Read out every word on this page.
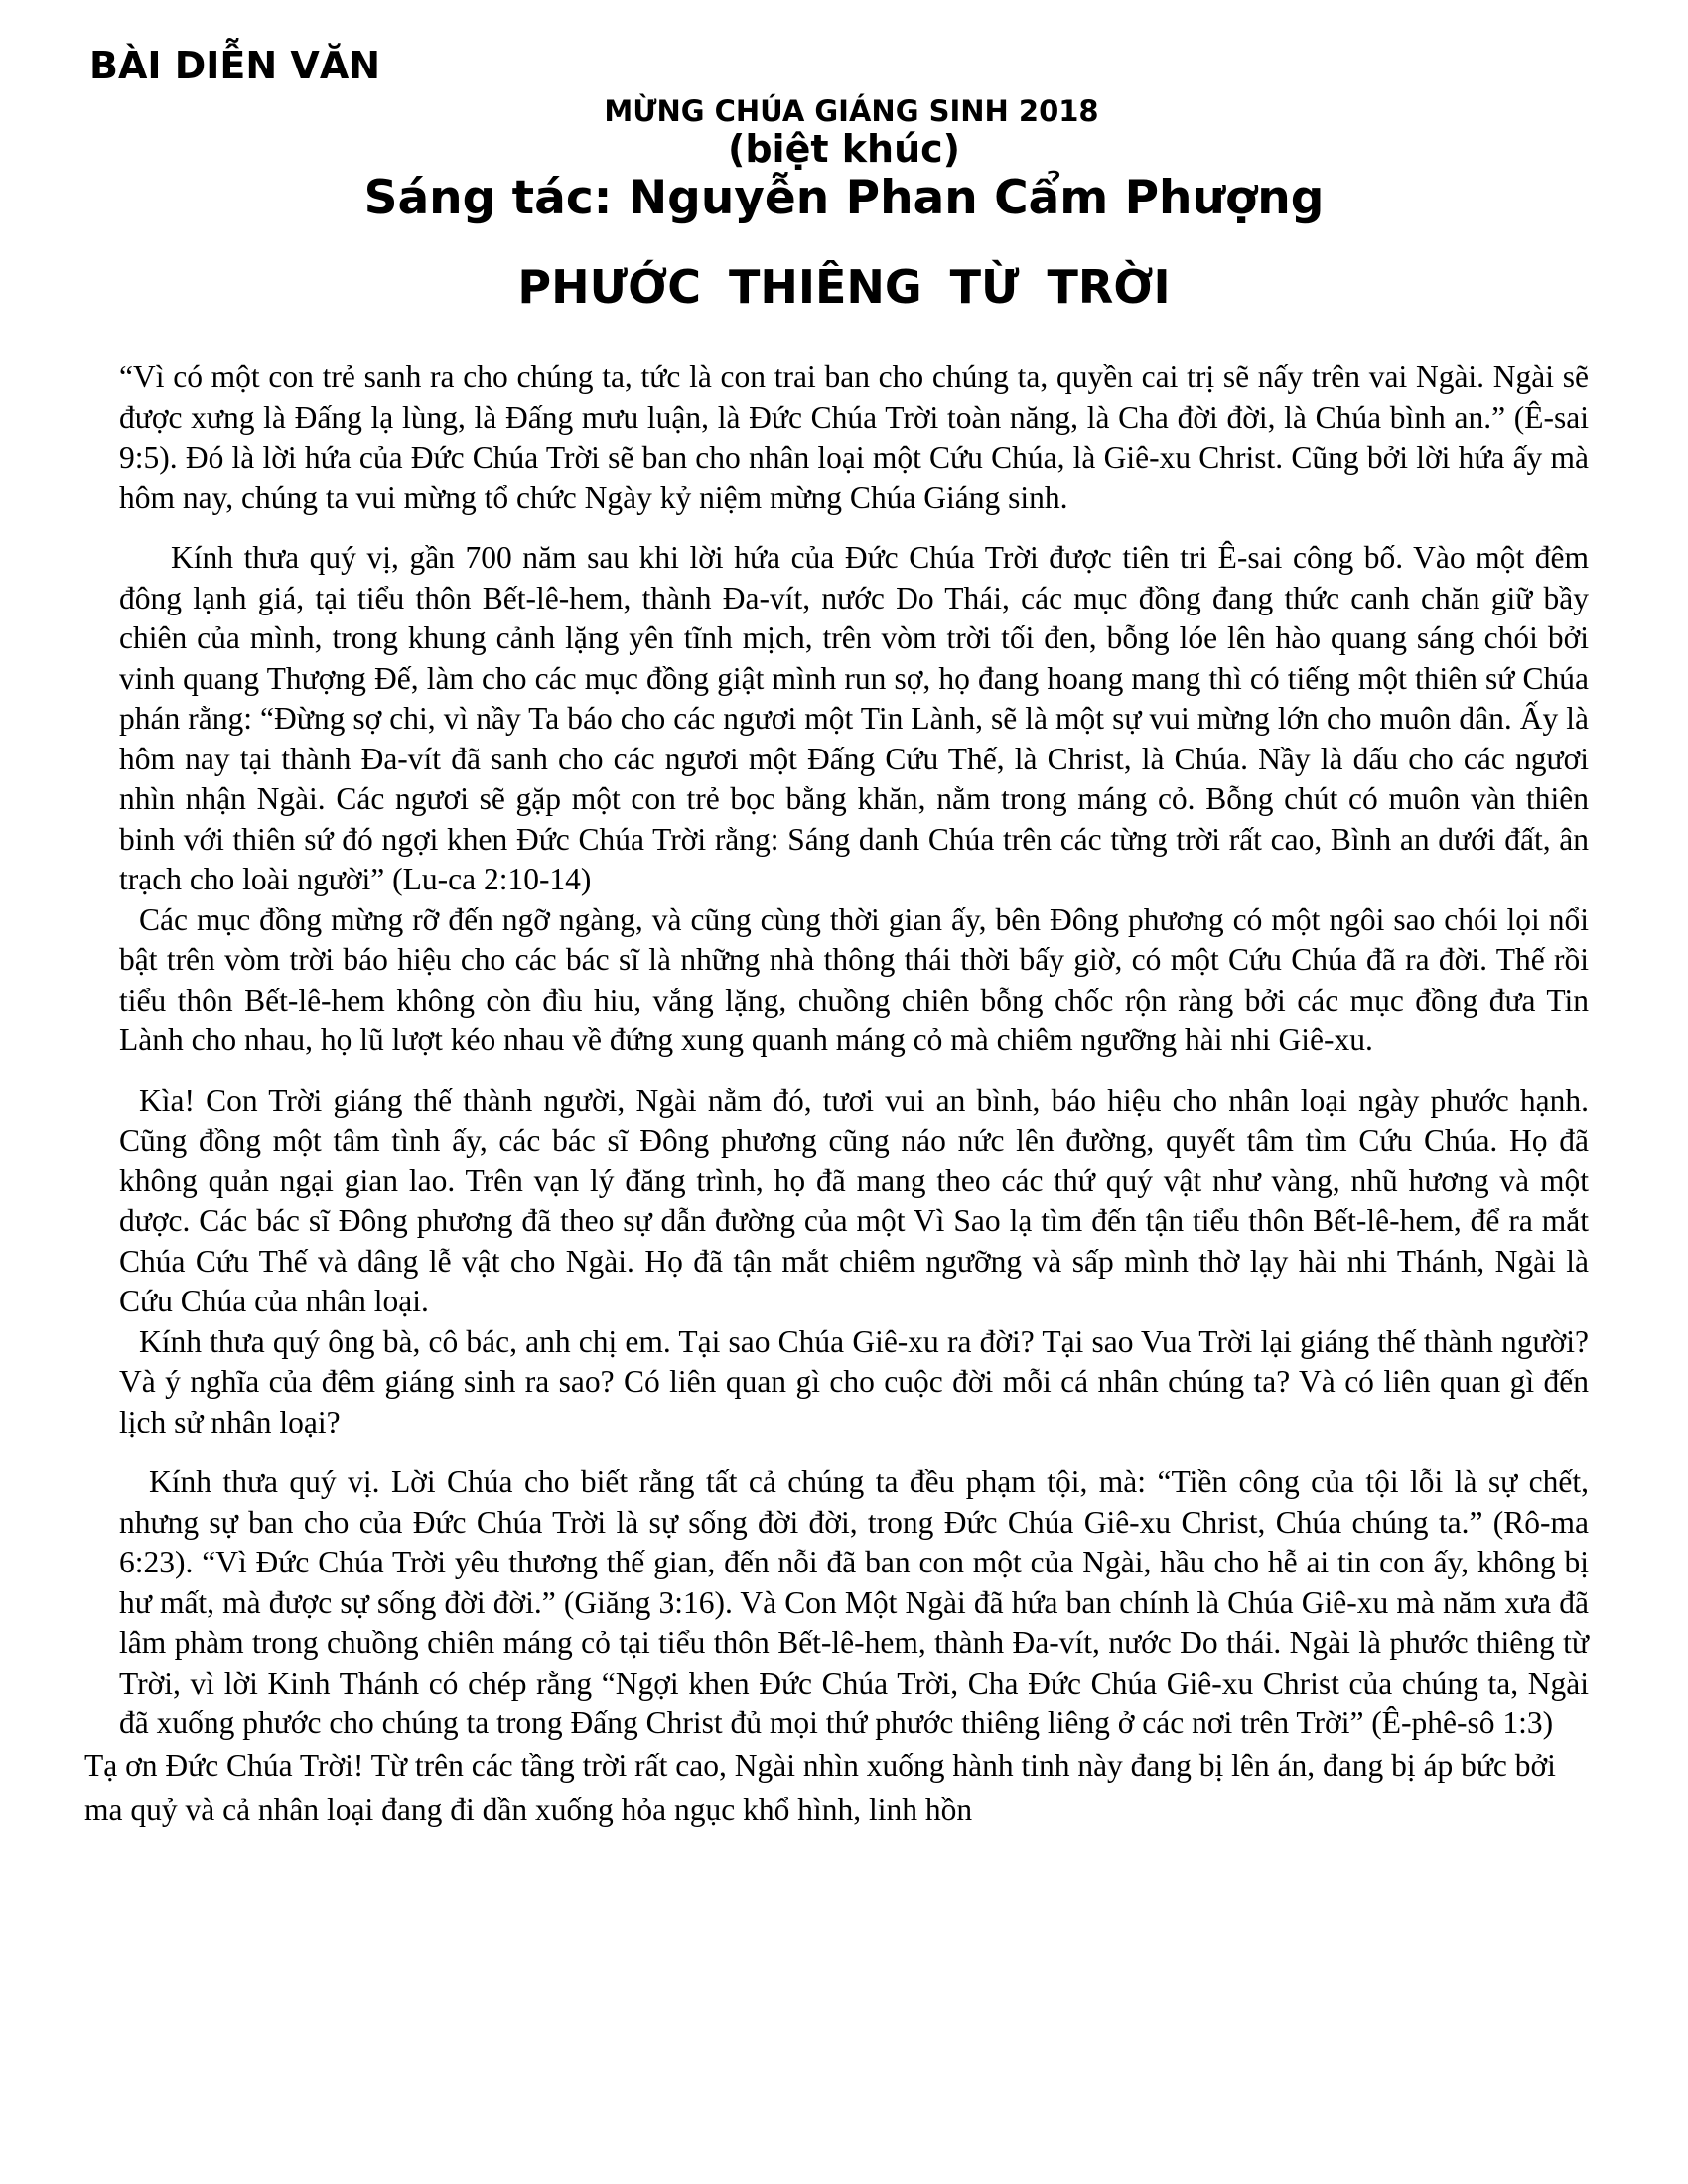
BÀI DIỄN VĂN
MỪNG CHÚA GIÁNG SINH 2018
(biệt khúc)
Sáng tác: Nguyễn Phan Cẩm Phượng
PHƯỚC THIÊNG TỪ TRỜI

“Vì có một con trẻ sanh ra cho chúng ta, tức là con trai ban cho chúng ta, quyền cai trị sẽ nấy trên vai Ngài. Ngài sẽ được xưng là Đấng lạ lùng, là Đấng mưu luận, là Đức Chúa Trời toàn năng, là Cha đời đời, là Chúa bình an.” (Ê-sai 9:5). Đó là lời hứa của Đức Chúa Trời sẽ ban cho nhân loại một Cứu Chúa, là Giê-xu Christ. Cũng bởi lời hứa ấy mà hôm nay, chúng ta vui mừng tổ chức Ngày kỷ niệm mừng Chúa Giáng sinh.

Kính thưa quý vị, gần 700 năm sau khi lời hứa của Đức Chúa Trời được tiên tri Ê-sai công bố. Vào một đêm đông lạnh giá, tại tiểu thôn Bết-lê-hem, thành Đa-vít, nước Do Thái, các mục đồng đang thức canh chăn giữ bầy chiên của mình, trong khung cảnh lặng yên tĩnh mịch, trên vòm trời tối đen, bỗng lóe lên hào quang sáng chói bởi vinh quang Thượng Đế, làm cho các mục đồng giật mình run sợ, họ đang hoang mang thì có tiếng một thiên sứ Chúa phán rằng: “Đừng sợ chi, vì nầy Ta báo cho các ngươi một Tin Lành, sẽ là một sự vui mừng lớn cho muôn dân. Ấy là hôm nay tại thành Đa-vít đã sanh cho các ngươi một Đấng Cứu Thế, là Christ, là Chúa. Nầy là dấu cho các ngươi nhìn nhận Ngài. Các ngươi sẽ gặp một con trẻ bọc bằng khăn, nằm trong máng cỏ. Bỗng chút có muôn vàn thiên binh với thiên sứ đó ngợi khen Đức Chúa Trời rằng: Sáng danh Chúa trên các từng trời rất cao, Bình an dưới đất, ân trạch cho loài người” (Lu-ca 2:10-14)

Các mục đồng mừng rỡ đến ngỡ ngàng, và cũng cùng thời gian ấy, bên Đông phương có một ngôi sao chói lọi nổi bật trên vòm trời báo hiệu cho các bác sĩ là những nhà thông thái thời bấy giờ, có một Cứu Chúa đã ra đời. Thế rồi tiểu thôn Bết-lê-hem không còn đìu hiu, vắng lặng, chuồng chiên bỗng chốc rộn ràng bởi các mục đồng đưa Tin Lành cho nhau, họ lũ lượt kéo nhau về đứng xung quanh máng cỏ mà chiêm ngưỡng hài nhi Giê-xu.

Kìa! Con Trời giáng thế thành người, Ngài nằm đó, tươi vui an bình, báo hiệu cho nhân loại ngày phước hạnh. Cũng đồng một tâm tình ấy, các bác sĩ Đông phương cũng náo nức lên đường, quyết tâm tìm Cứu Chúa. Họ đã không quản ngại gian lao. Trên vạn lý đăng trình, họ đã mang theo các thứ quý vật như vàng, nhũ hương và một dược. Các bác sĩ Đông phương đã theo sự dẫn đường của một Vì Sao lạ tìm đến tận tiểu thôn Bết-lê-hem, để ra mắt Chúa Cứu Thế và dâng lễ vật cho Ngài. Họ đã tận mắt chiêm ngưỡng và sấp mình thờ lạy hài nhi Thánh, Ngài là Cứu Chúa của nhân loại.

Kính thưa quý ông bà, cô bác, anh chị em. Tại sao Chúa Giê-xu ra đời? Tại sao Vua Trời lại giáng thế thành người? Và ý nghĩa của đêm giáng sinh ra sao? Có liên quan gì cho cuộc đời mỗi cá nhân chúng ta? Và có liên quan gì đến lịch sử nhân loại?

Kính thưa quý vị. Lời Chúa cho biết rằng tất cả chúng ta đều phạm tội, mà: “Tiền công của tội lỗi là sự chết, nhưng sự ban cho của Đức Chúa Trời là sự sống đời đời, trong Đức Chúa Giê-xu Christ, Chúa chúng ta.” (Rô-ma 6:23). “Vì Đức Chúa Trời yêu thương thế gian, đến nỗi đã ban con một của Ngài, hầu cho hễ ai tin con ấy, không bị hư mất, mà được sự sống đời đời.” (Giăng 3:16). Và Con Một Ngài đã hứa ban chính là Chúa Giê-xu mà năm xưa đã lâm phàm trong chuồng chiên máng cỏ tại tiểu thôn Bết-lê-hem, thành Đa-vít, nước Do thái. Ngài là phước thiêng từ Trời, vì lời Kinh Thánh có chép rằng “Ngợi khen Đức Chúa Trời, Cha Đức Chúa Giê-xu Christ của chúng ta, Ngài đã xuống phước cho chúng ta trong Đấng Christ đủ mọi thứ phước thiêng liêng ở các nơi trên Trời” (Ê-phê-sô 1:3)

Tạ ơn Đức Chúa Trời! Từ trên các tầng trời rất cao, Ngài nhìn xuống hành tinh này đang bị lên án, đang bị áp bức bởi ma quỷ và cả nhân loại đang đi dần xuống hỏa ngục khổ hình, linh hồn
